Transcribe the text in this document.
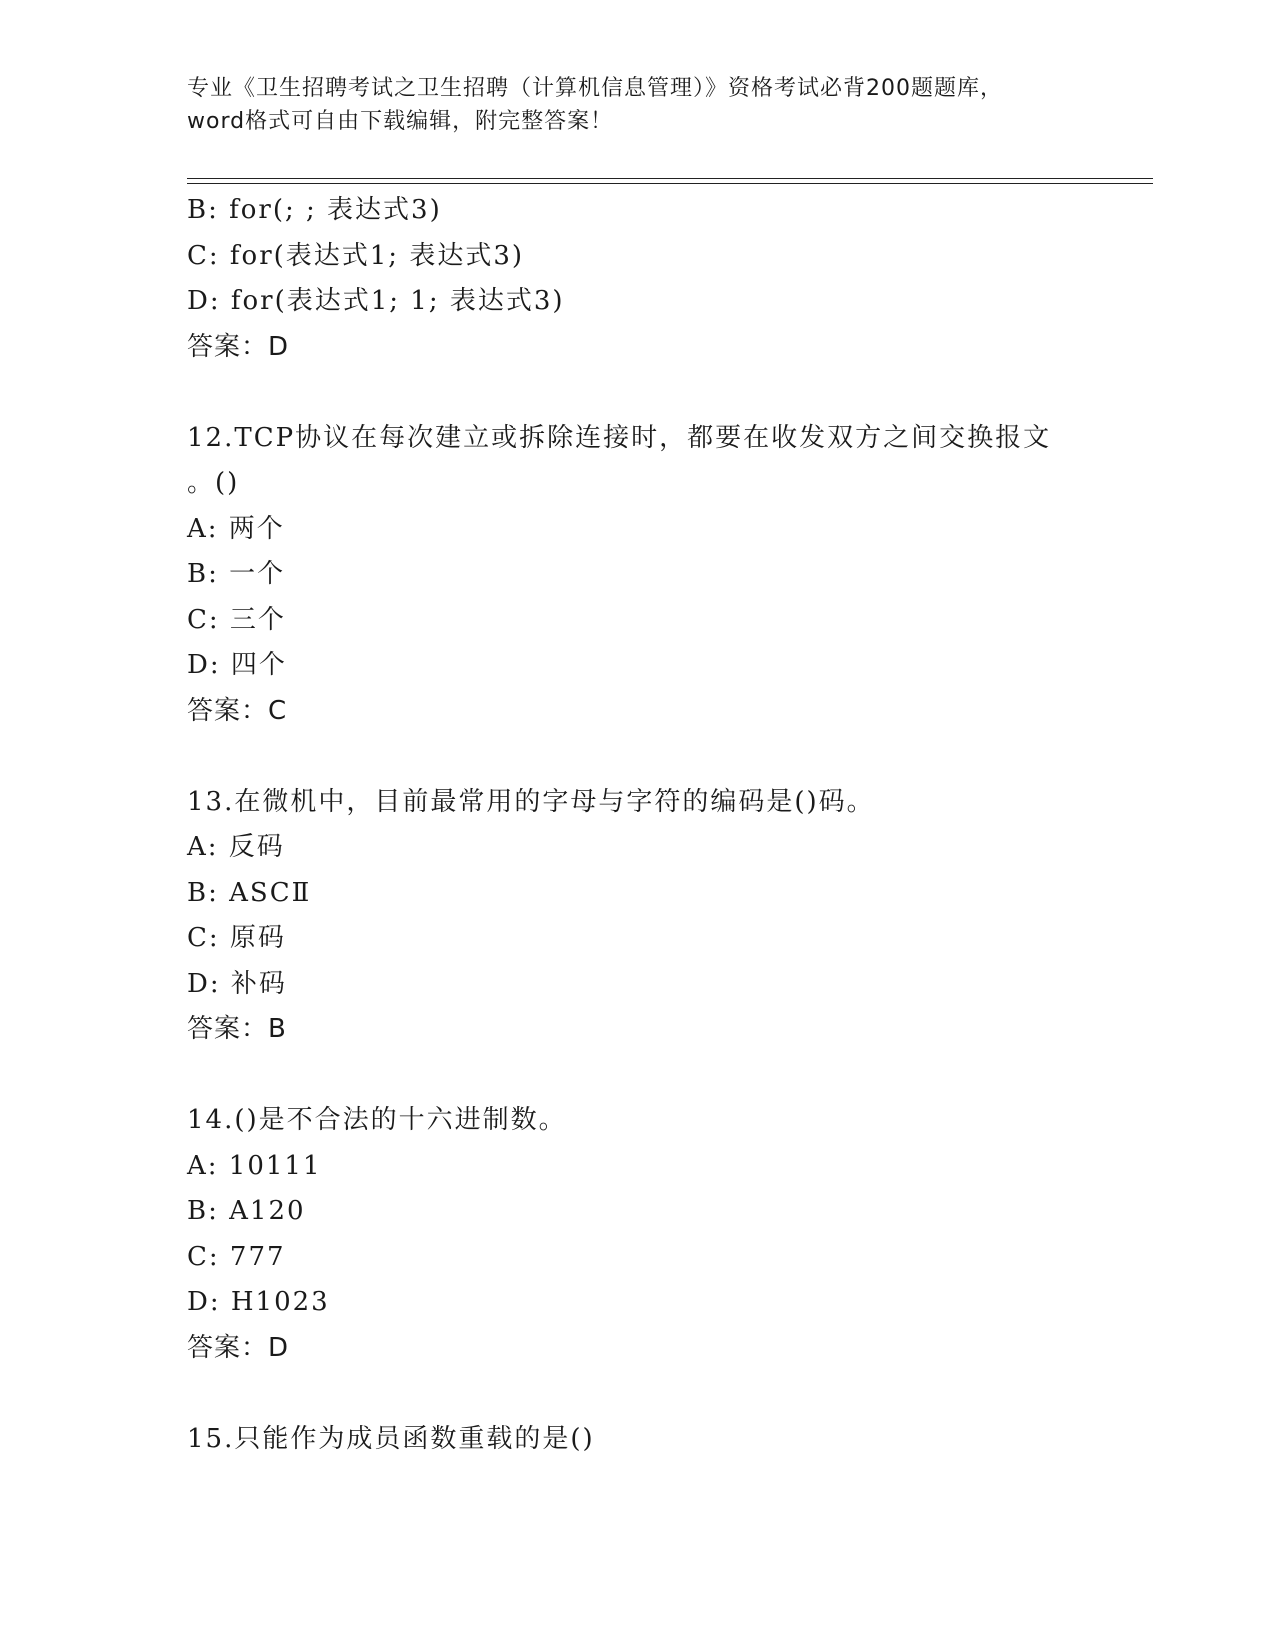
专业《卫生招聘考试之卫生招聘（计算机信息管理）》资格考试必背200题题库，
word格式可自由下载编辑，附完整答案！
B: for(; ; 表达式3)
C: for(表达式1; 表达式3)
D: for(表达式1; 1; 表达式3)
答案：D
12.TCP协议在每次建立或拆除连接时，都要在收发双方之间交换报文
。()
A: 两个
B: 一个
C: 三个
D: 四个
答案：C
13.在微机中，目前最常用的字母与字符的编码是()码。
A: 反码
B: ASCⅡ
C: 原码
D: 补码
答案：B
14.()是不合法的十六进制数。
A: 10111
B: A120
C: 777
D: H1023
答案：D
15.只能作为成员函数重载的是()
